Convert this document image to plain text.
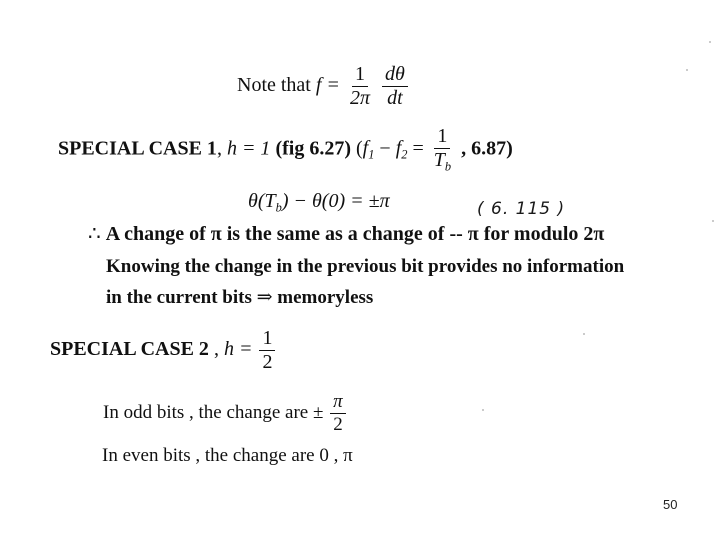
Note that $f = \frac{1}{2\pi}$
$\frac{d\theta}{dt}$
SPECIAL CASE 1, h = 1 (fig 6.27) ($f_1 - f_2 = \frac{1}{T_b}$ , 6.87)
$\theta(T_b) - \theta(0) = \pm\pi$	( 6. 115 )
∴ A change of π is the same as a change of -- π for modulo 2π
Knowing the change in the previous bit provides no information
in the current bits ⇒ memoryless
SPECIAL CASE 2 , $h = \frac{1}{2}$
In odd bits , the change are ± $\frac{\pi}{2}$
In even bits , the change are 0 , π
50
